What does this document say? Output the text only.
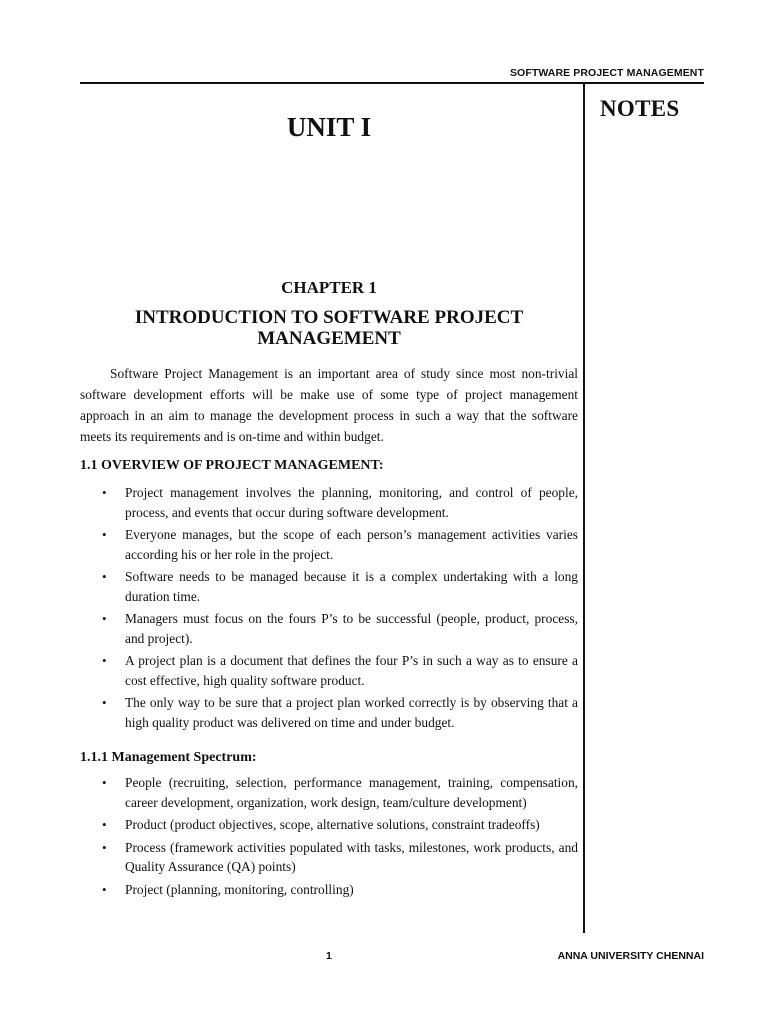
SOFTWARE PROJECT MANAGEMENT
NOTES
UNIT I
CHAPTER 1
INTRODUCTION TO SOFTWARE PROJECT MANAGEMENT

Software Project Management is an important area of study since most non-trivial software development efforts will be make use of some type of project management approach in an aim to manage the development process in such a way that the software meets its requirements and is on-time and within budget.

1.1 OVERVIEW OF PROJECT MANAGEMENT:
• Project management involves the planning, monitoring, and control of people, process, and events that occur during software development.
• Everyone manages, but the scope of each person’s management activities varies according his or her role in the project.
• Software needs to be managed because it is a complex undertaking with a long duration time.
• Managers must focus on the fours P’s to be successful (people, product, process, and project).
• A project plan is a document that defines the four P’s in such a way as to ensure a cost effective, high quality software product.
• The only way to be sure that a project plan worked correctly is by observing that a high quality product was delivered on time and under budget.
1.1.1 Management Spectrum:
• People (recruiting, selection, performance management, training, compensation, career development, organization, work design, team/culture development)
• Product (product objectives, scope, alternative solutions, constraint tradeoffs)
• Process (framework activities populated with tasks, milestones, work products, and Quality Assurance (QA) points)
• Project (planning, monitoring, controlling)
1	ANNA UNIVERSITY CHENNAI
